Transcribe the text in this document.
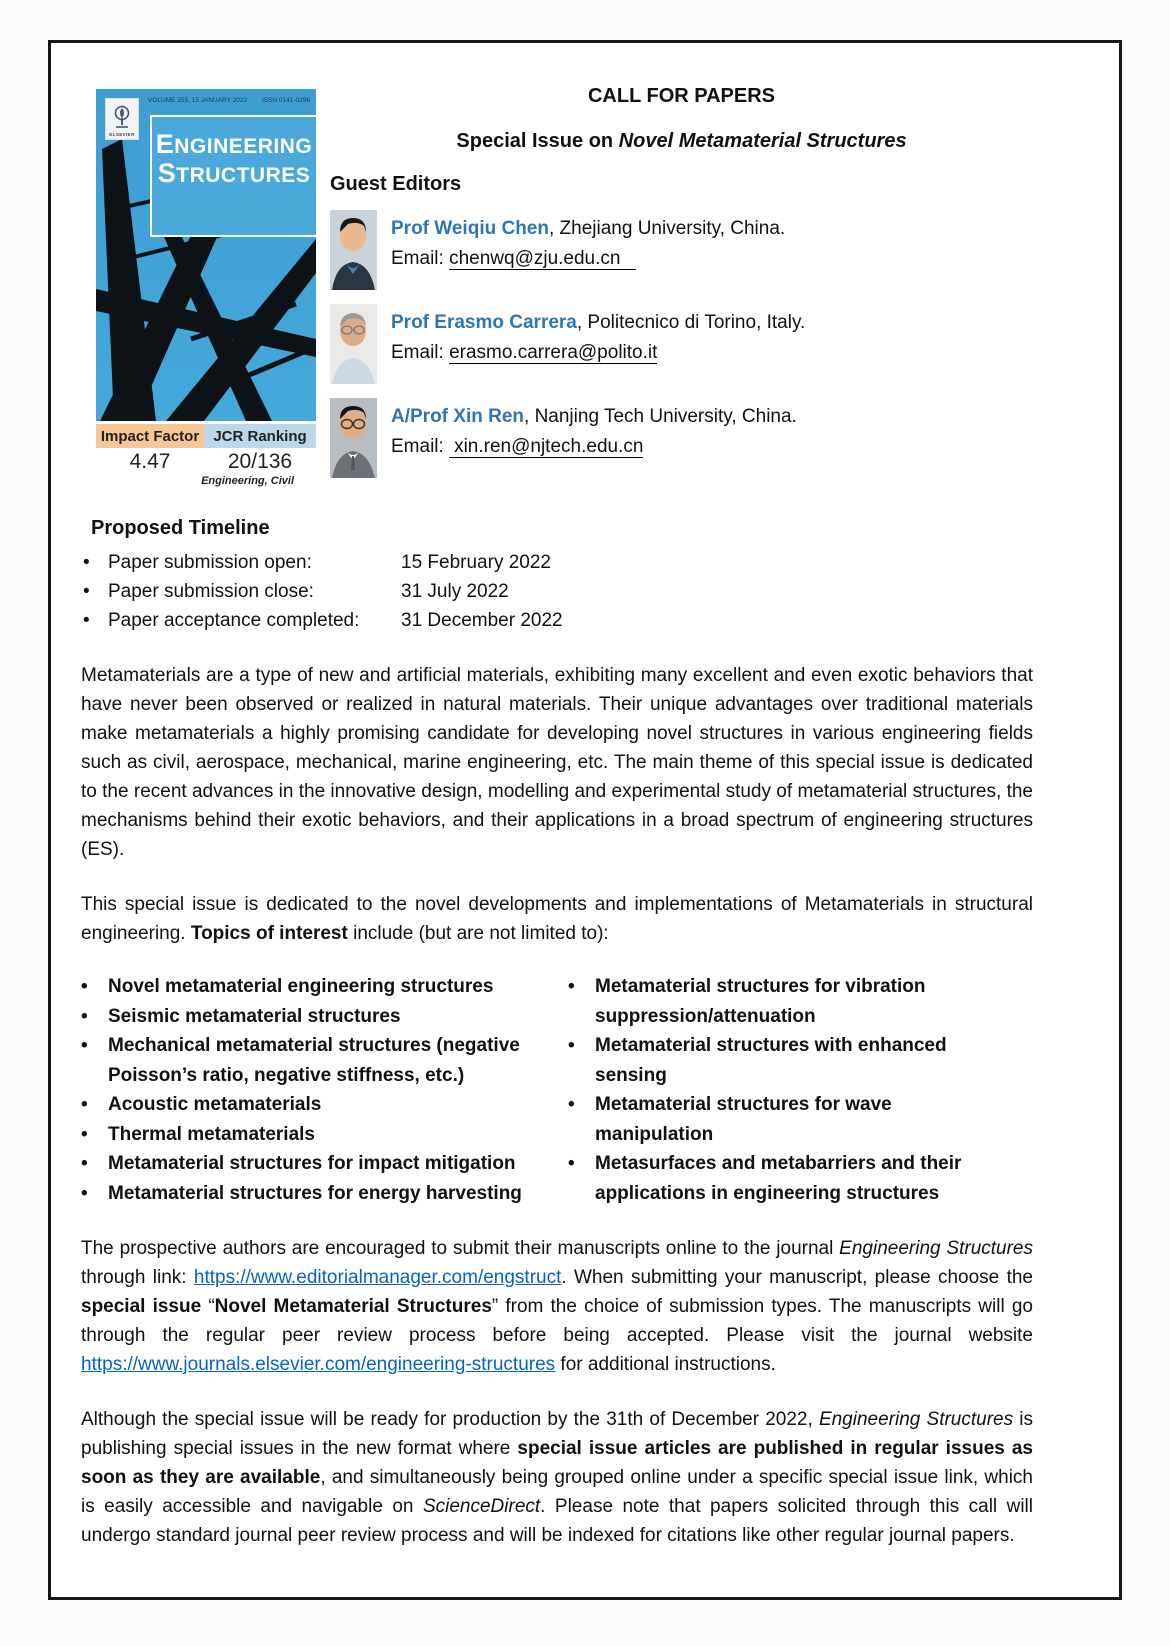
ELSEVIER
VOLUME 255, 15 JANUARY 2022 ISSN 0141-0296
ENGINEERING
STRUCTURES
Impact Factor JCR Ranking
4.47	20/136
Engineering, Civil
CALL FOR PAPERS
Special Issue on Novel Metamaterial Structures
Guest Editors
Prof Weiqiu Chen, Zhejiang University, China.
Email: chenwq@zju.edu.cn
Prof Erasmo Carrera, Politecnico di Torino, Italy.
Email: erasmo.carrera@polito.it
A/Prof Xin Ren, Nanjing Tech University, China.
Email: xin.ren@njtech.edu.cn
Proposed Timeline
• Paper submission open:	15 February 2022
• Paper submission close:	31 July 2022
• Paper acceptance completed:	31 December 2022

Metamaterials are a type of new and artificial materials, exhibiting many excellent and even exotic behaviors that have never been observed or realized in natural materials. Their unique advantages over traditional materials make metamaterials a highly promising candidate for developing novel structures in various engineering fields such as civil, aerospace, mechanical, marine engineering, etc. The main theme of this special issue is dedicated to the recent advances in the innovative design, modelling and experimental study of metamaterial structures, the mechanisms behind their exotic behaviors, and their applications in a broad spectrum of engineering structures (ES).

This special issue is dedicated to the novel developments and implementations of Metamaterials in structural engineering. Topics of interest include (but are not limited to):

•	Novel metamaterial engineering structures
•	Seismic metamaterial structures
•	Mechanical metamaterial structures (negative Poisson’s ratio, negative stiffness, etc.)
•	Acoustic metamaterials
•	Thermal metamaterials
•	Metamaterial structures for impact mitigation
•	Metamaterial structures for energy harvesting
•	Metamaterial structures for vibration suppression/attenuation
•	Metamaterial structures with enhanced sensing
•	Metamaterial structures for wave manipulation
•	Metasurfaces and metabarriers and their applications in engineering structures

The prospective authors are encouraged to submit their manuscripts online to the journal Engineering Structures through link: https://www.editorialmanager.com/engstruct. When submitting your manuscript, please choose the special issue “Novel Metamaterial Structures” from the choice of submission types. The manuscripts will go through the regular peer review process before being accepted. Please visit the journal website https://www.journals.elsevier.com/engineering-structures for additional instructions.

Although the special issue will be ready for production by the 31th of December 2022, Engineering Structures is publishing special issues in the new format where special issue articles are published in regular issues as soon as they are available, and simultaneously being grouped online under a specific special issue link, which is easily accessible and navigable on ScienceDirect. Please note that papers solicited through this call will undergo standard journal peer review process and will be indexed for citations like other regular journal papers.
